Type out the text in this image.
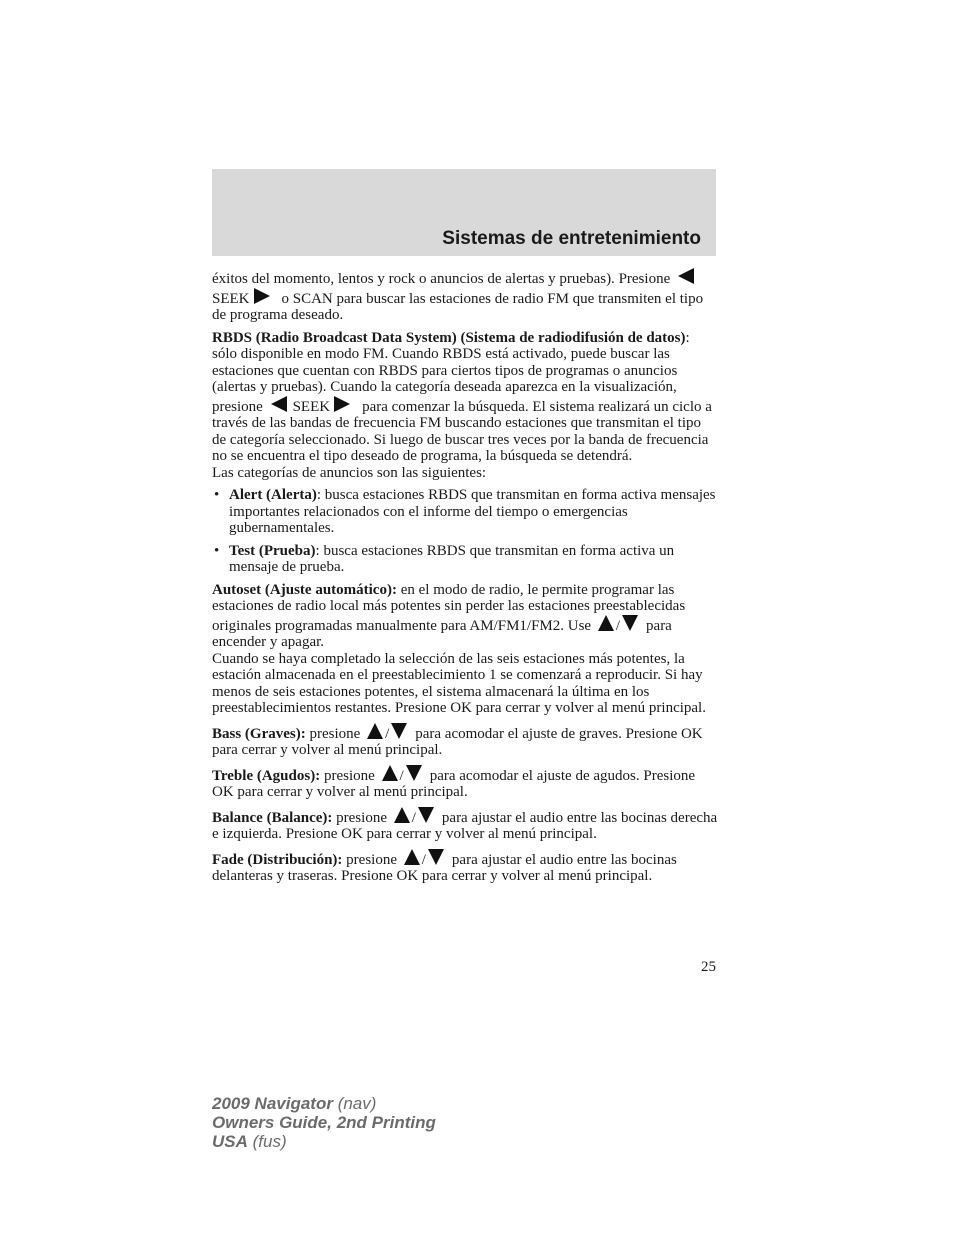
Sistemas de entretenimiento

éxitos del momento, lentos y rock o anuncios de alertas y pruebas). Presione SEEK o SCAN para buscar las estaciones de radio FM que transmiten el tipo de programa deseado.

RBDS (Radio Broadcast Data System) (Sistema de radiodifusión de datos): sólo disponible en modo FM. Cuando RBDS está activado, puede buscar las estaciones que cuentan con RBDS para ciertos tipos de programas o anuncios (alertas y pruebas). Cuando la categoría deseada aparezca en la visualización, presione SEEK para comenzar la búsqueda. El sistema realizará un ciclo a través de las bandas de frecuencia FM buscando estaciones que transmitan el tipo de categoría seleccionado. Si luego de buscar tres veces por la banda de frecuencia no se encuentra el tipo deseado de programa, la búsqueda se detendrá.
Las categorías de anuncios son las siguientes:

• Alert (Alerta): busca estaciones RBDS que transmitan en forma activa mensajes importantes relacionados con el informe del tiempo o emergencias gubernamentales.
• Test (Prueba): busca estaciones RBDS que transmitan en forma activa un mensaje de prueba.

Autoset (Ajuste automático): en el modo de radio, le permite programar las estaciones de radio local más potentes sin perder las estaciones preestablecidas originales programadas manualmente para AM/FM1/FM2. Use / para encender y apagar.
Cuando se haya completado la selección de las seis estaciones más potentes, la estación almacenada en el preestablecimiento 1 se comenzará a reproducir. Si hay menos de seis estaciones potentes, el sistema almacenará la última en los preestablecimientos restantes. Presione OK para cerrar y volver al menú principal.

Bass (Graves): presione / para acomodar el ajuste de graves. Presione OK para cerrar y volver al menú principal.

Treble (Agudos): presione / para acomodar el ajuste de agudos. Presione OK para cerrar y volver al menú principal.

Balance (Balance): presione / para ajustar el audio entre las bocinas derecha e izquierda. Presione OK para cerrar y volver al menú principal.

Fade (Distribución): presione / para ajustar el audio entre las bocinas delanteras y traseras. Presione OK para cerrar y volver al menú principal.

25
2009 Navigator (nav)
Owners Guide, 2nd Printing
USA (fus)
